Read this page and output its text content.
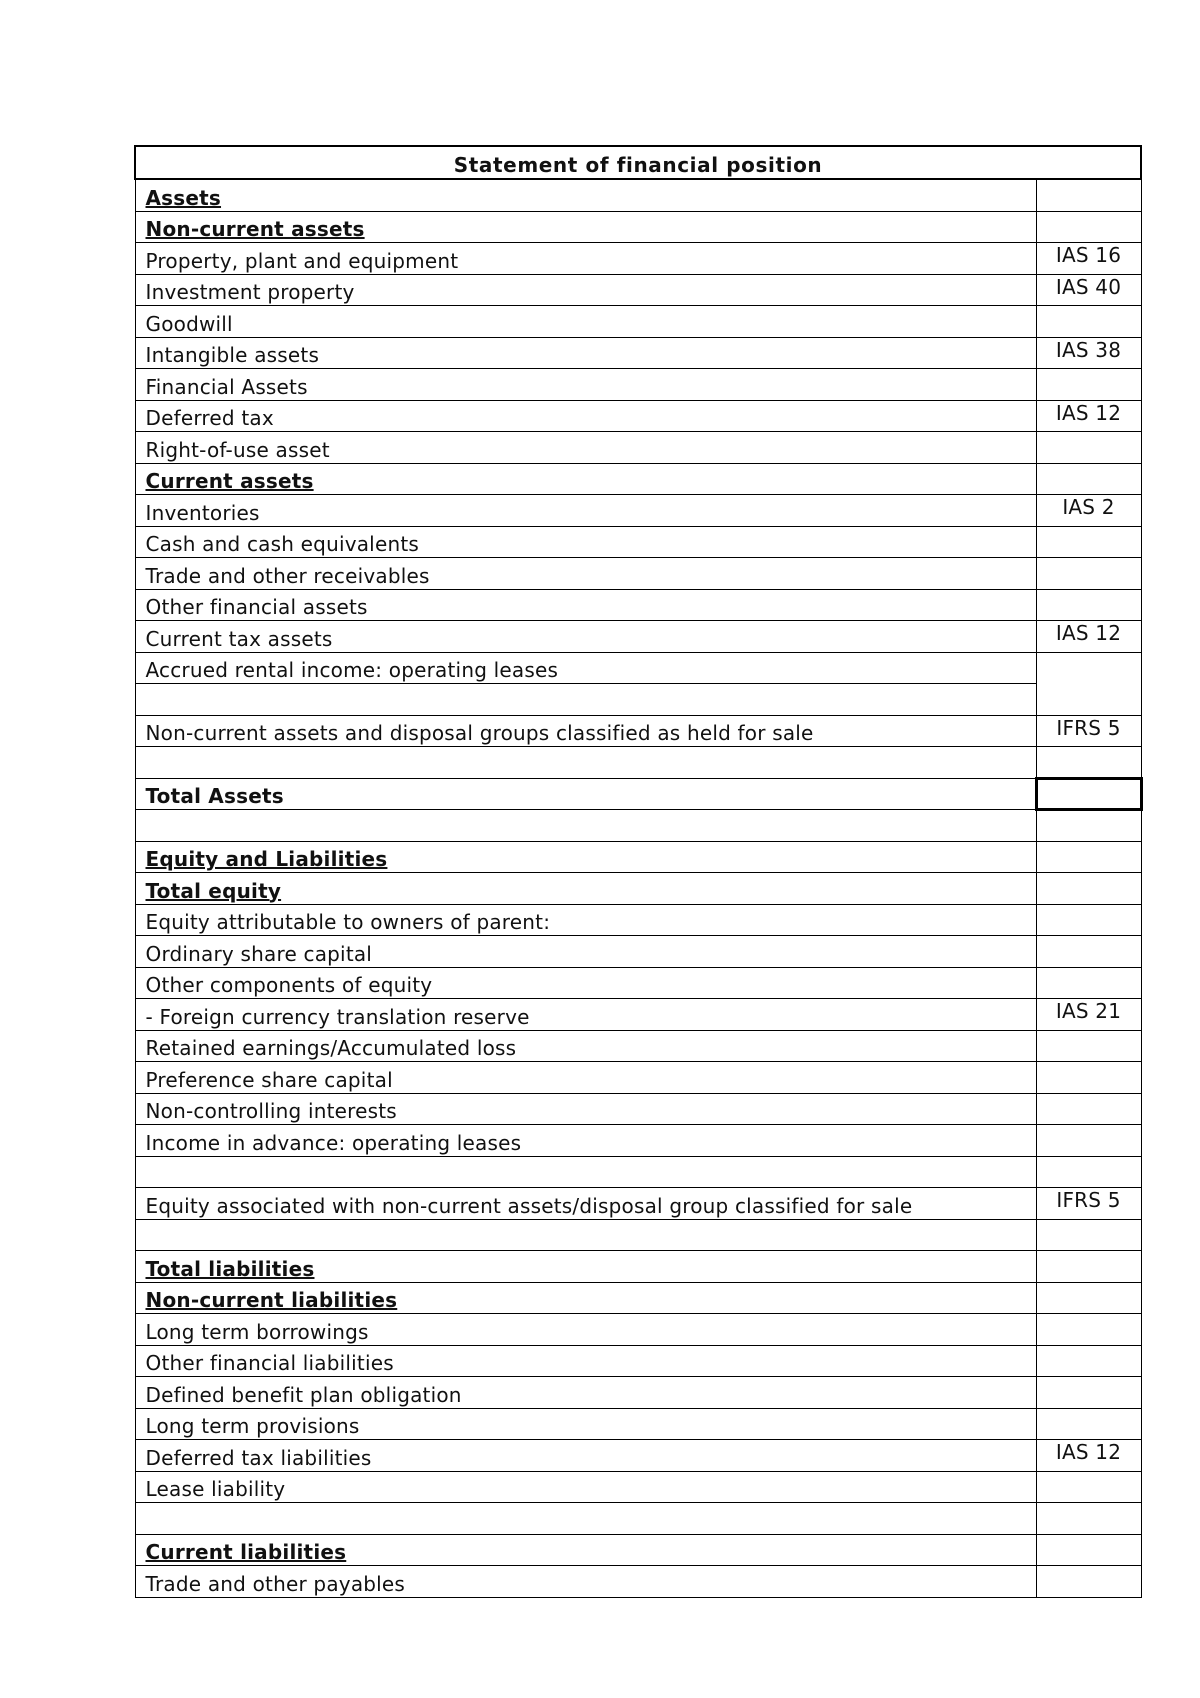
Statement of financial position	
Assets	
Non-current assets	
Property, plant and equipment	IAS 16
Investment property	IAS 40
Goodwill	
Intangible assets	IAS 38
Financial Assets	
Deferred tax	IAS 12
Right-of-use asset	
Current assets	
Inventories	IAS 2
Cash and cash equivalents	
Trade and other receivables	
Other financial assets	
Current tax assets	IAS 12
Accrued rental income: operating leases	

Non-current assets and disposal groups classified as held for sale	IFRS 5

Total Assets	

Equity and Liabilities	
Total equity	
Equity attributable to owners of parent:	
Ordinary share capital	
Other components of equity	
- Foreign currency translation reserve	IAS 21
Retained earnings/Accumulated loss	
Preference share capital	
Non-controlling interests	
Income in advance: operating leases	

Equity associated with non-current assets/disposal group classified for sale	IFRS 5

Total liabilities	
Non-current liabilities	
Long term borrowings	
Other financial liabilities	
Defined benefit plan obligation	
Long term provisions	
Deferred tax liabilities	IAS 12
Lease liability	

Current liabilities	
Trade and other payables	
